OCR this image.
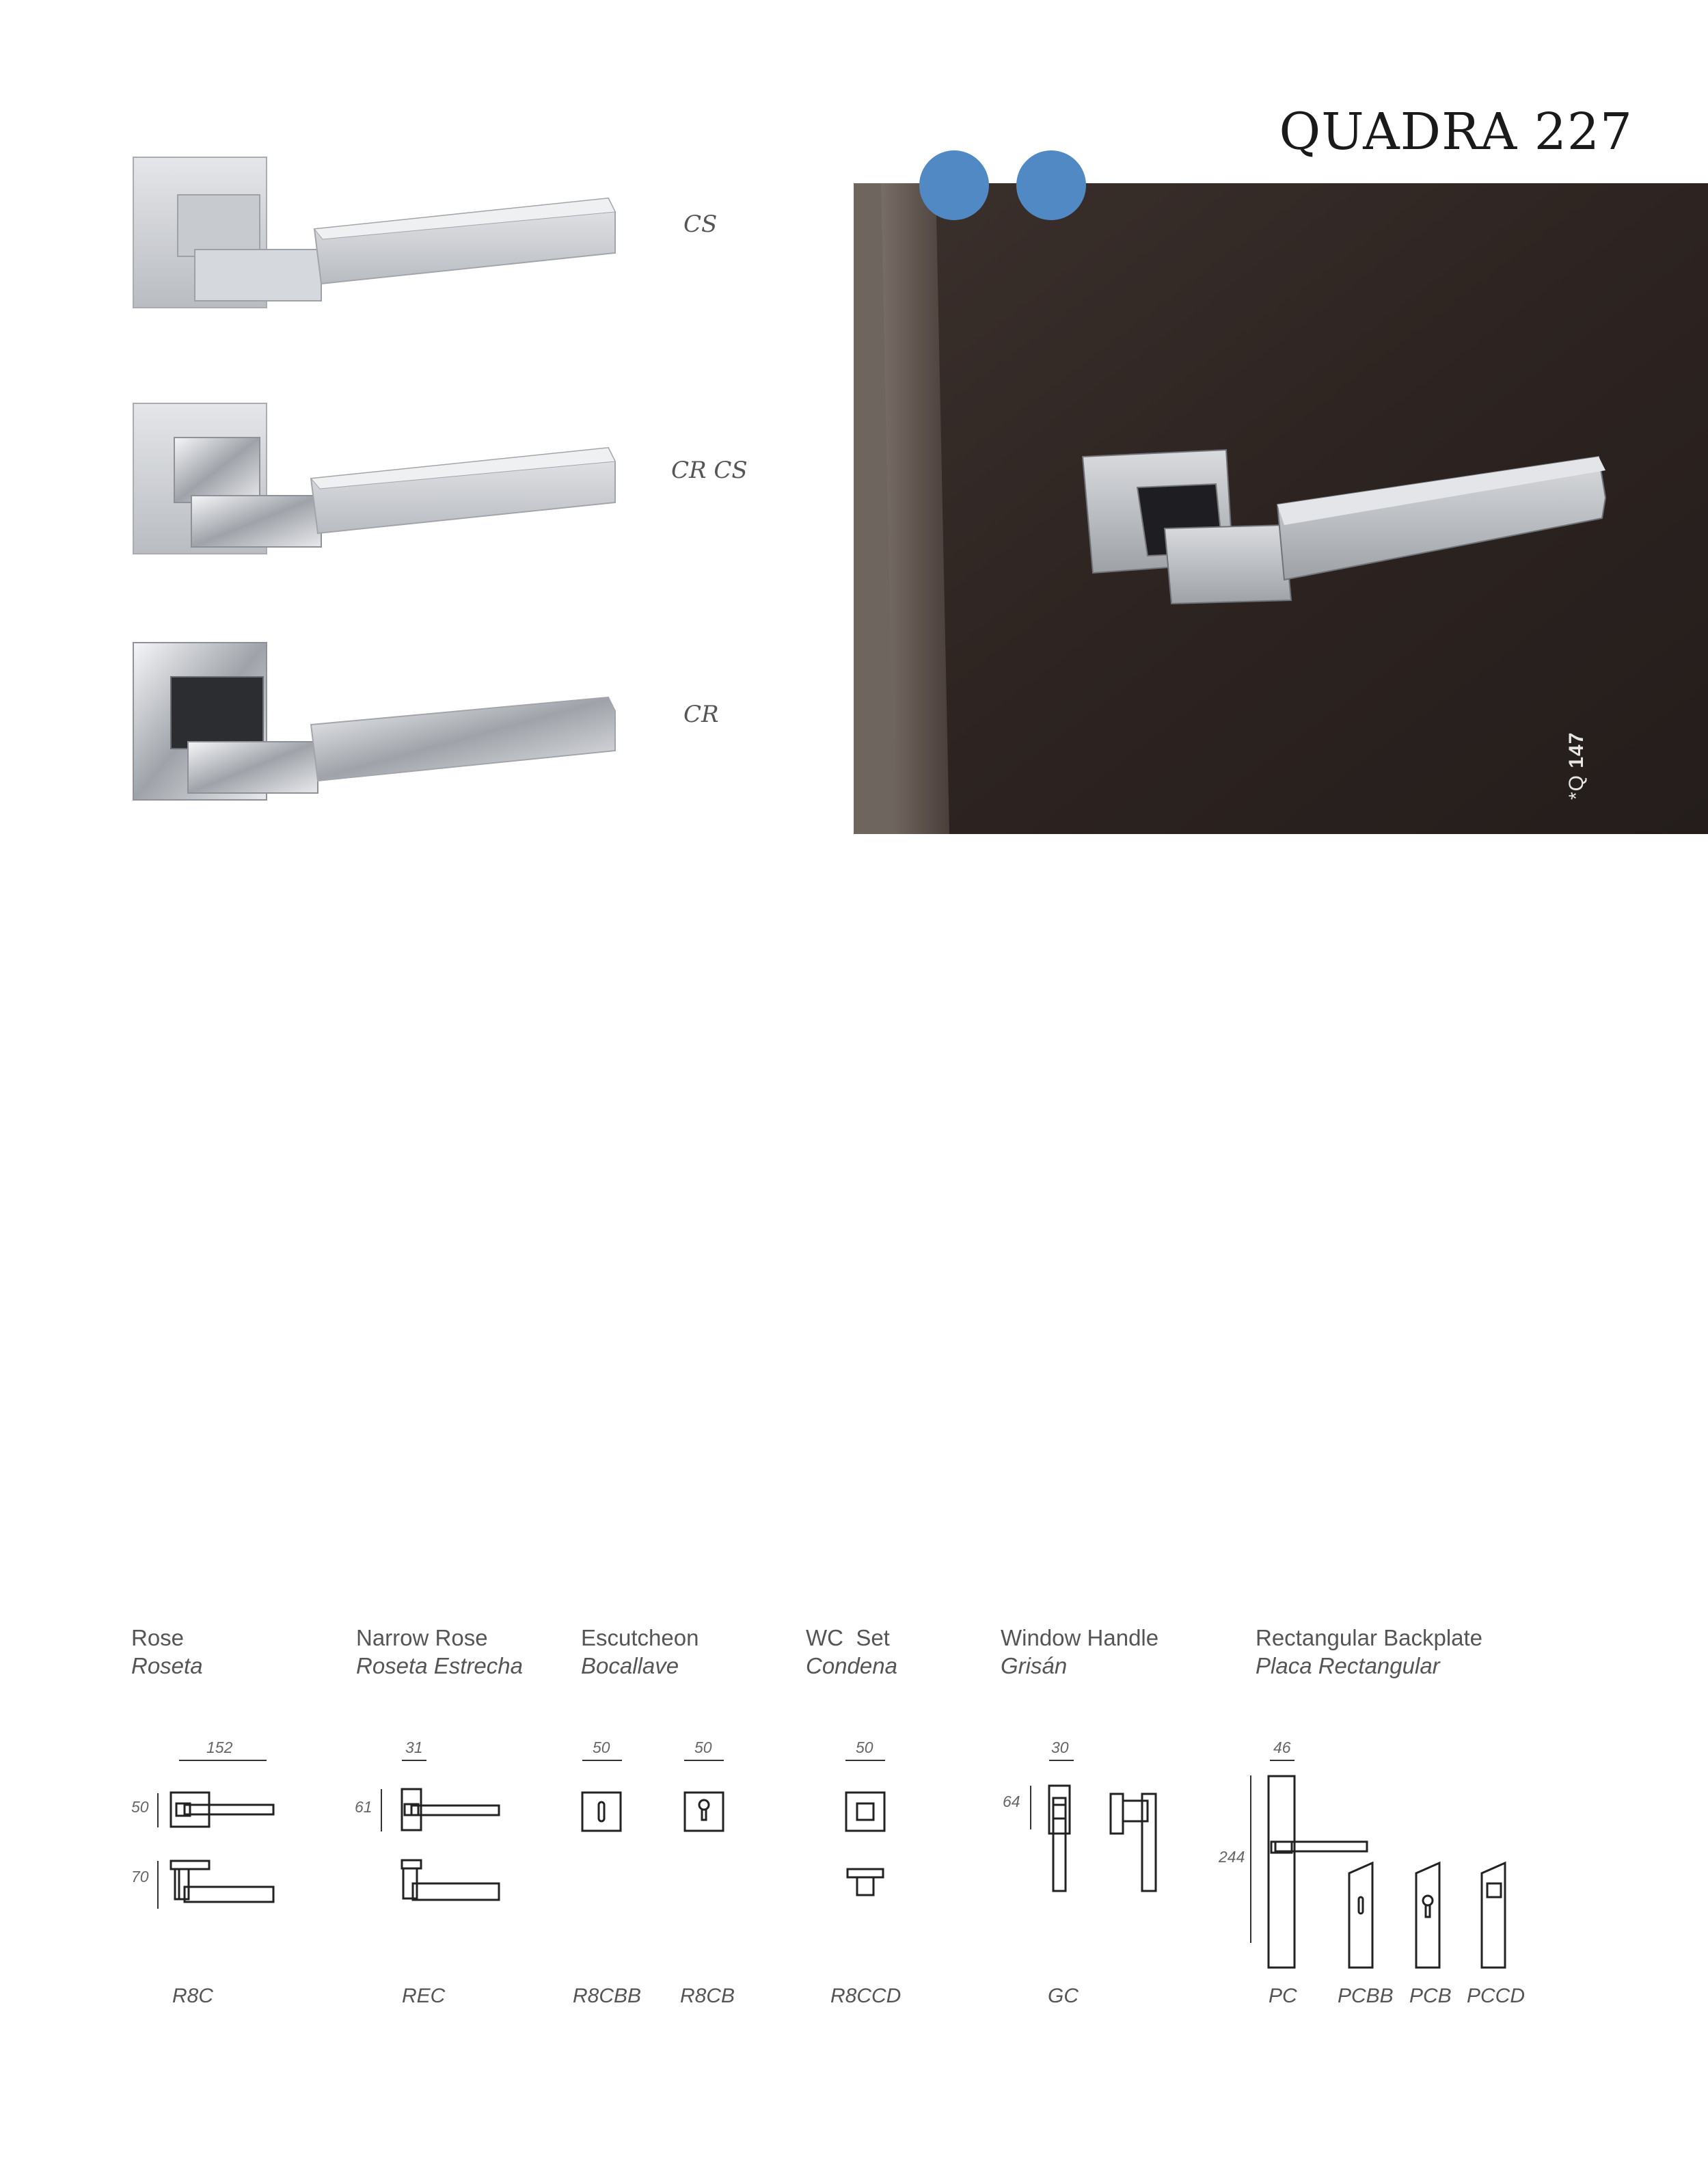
QUADRA 227
CS
CR CS
CR
*Q 147
Rose
Roseta
Narrow Rose
Roseta Estrecha
Escutcheon
Bocallave
WC  Set
Condena
Window Handle
Grisán
Rectangular Backplate
Placa Rectangular
152
50
70
31
61
50	50	50	30
64
46
244
R8C	REC	R8CBB R8CB	R8CCD	GC	PC PCBB PCB PCCD
